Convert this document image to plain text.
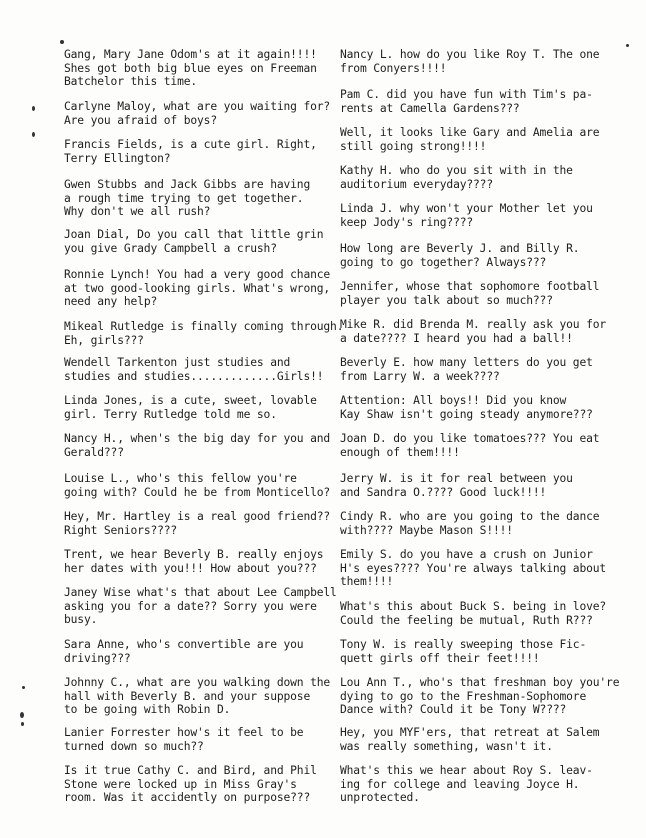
Gang, Mary Jane Odom's at it again!!!!
Shes got both big blue eyes on Freeman
Batchelor this time.
Carlyne Maloy, what are you waiting for?
Are you afraid of boys?
Francis Fields, is a cute girl. Right,
Terry Ellington?
Gwen Stubbs and Jack Gibbs are having
a rough time trying to get together.
Why don't we all rush?
Joan Dial, Do you call that little grin
you give Grady Campbell a crush?
Ronnie Lynch! You had a very good chance
at two good-looking girls. What's wrong,
need any help?
Mikeal Rutledge is finally coming through.
Eh, girls???
Wendell Tarkenton just studies and
studies and studies.............Girls!!
Linda Jones, is a cute, sweet, lovable
girl. Terry Rutledge told me so.
Nancy H., when's the big day for you and
Gerald???
Louise L., who's this fellow you're
going with? Could he be from Monticello?
Hey, Mr. Hartley is a real good friend??
Right Seniors????
Trent, we hear Beverly B. really enjoys
her dates with you!!! How about you???
Janey Wise what's that about Lee Campbell
asking you for a date?? Sorry you were
busy.
Sara Anne, who's convertible are you
driving???
Johnny C., what are you walking down the
hall with Beverly B. and your suppose
to be going with Robin D.
Lanier Forrester how's it feel to be
turned down so much??
Is it true Cathy C. and Bird, and Phil
Stone were locked up in Miss Gray's
room. Was it accidently on purpose???
Nancy L. how do you like Roy T. The one
from Conyers!!!!
Pam C. did you have fun with Tim's pa-
rents at Camella Gardens???
Well, it looks like Gary and Amelia are
still going strong!!!!
Kathy H. who do you sit with in the
auditorium everyday????
Linda J. why won't your Mother let you
keep Jody's ring????
How long are Beverly J. and Billy R.
going to go together? Always???
Jennifer, whose that sophomore football
player you talk about so much???
Mike R. did Brenda M. really ask you for
a date???? I heard you had a ball!!
Beverly E. how many letters do you get
from Larry W. a week????
Attention: All boys!! Did you know
Kay Shaw isn't going steady anymore???
Joan D. do you like tomatoes??? You eat
enough of them!!!!
Jerry W. is it for real between you
and Sandra O.???? Good luck!!!!
Cindy R. who are you going to the dance
with???? Maybe Mason S!!!!
Emily S. do you have a crush on Junior
H's eyes???? You're always talking about
them!!!!
What's this about Buck S. being in love?
Could the feeling be mutual, Ruth R???
Tony W. is really sweeping those Fic-
quett girls off their feet!!!!
Lou Ann T., who's that freshman boy you're
dying to go to the Freshman-Sophomore
Dance with? Could it be Tony W????
Hey, you MYF'ers, that retreat at Salem
was really something, wasn't it.
What's this we hear about Roy S. leav-
ing for college and leaving Joyce H.
unprotected.
